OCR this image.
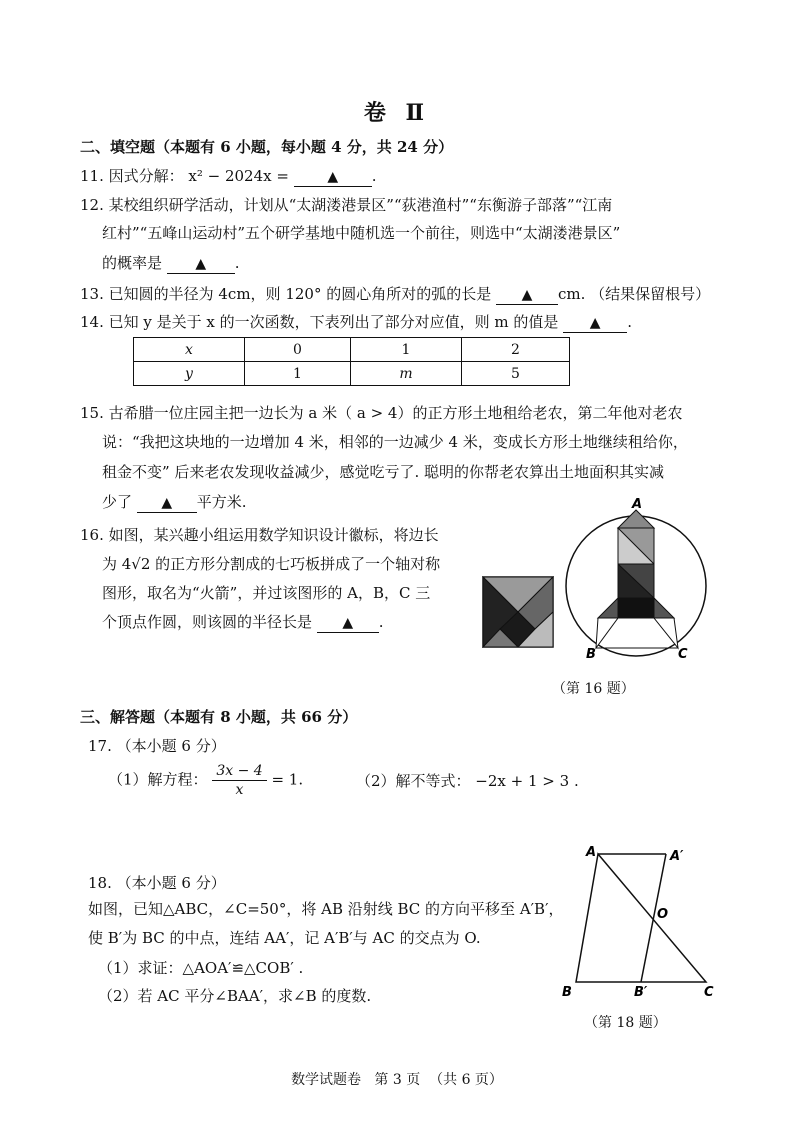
卷 Ⅱ
二、填空题（本题有 6 小题，每小题 4 分，共 24 分）
11. 因式分解： x² − 2024x =	▲ .
12. 某校组织研学活动，计划从“太湖溇港景区”“荻港渔村”“东衡游子部落”“江南
红村”“五峰山运动村”五个研学基地中随机选一个前往，则选中“太湖溇港景区”
的概率是 ▲ .
13. 已知圆的半径为 4cm，则 120° 的圆心角所对的弧的长是 ▲ cm. （结果保留根号）
14. 已知 y 是关于 x 的一次函数，下表列出了部分对应值，则 m 的值是 ▲ .
x	0	1	2
y	1	m	5
15. 古希腊一位庄园主把一边长为 a 米（ a > 4）的正方形土地租给老农，第二年他对老农
说：“我把这块地的一边增加 4 米，相邻的一边减少 4 米，变成长方形土地继续租给你，
租金不变” 后来老农发现收益减少，感觉吃亏了. 聪明的你帮老农算出土地面积其实减
少了 ▲ 平方米.
16. 如图，某兴趣小组运用数学知识设计徽标，将边长
为 4√2 的正方形分割成的七巧板拼成了一个轴对称
图形，取名为“火箭”，并过该图形的 A，B，C 三
个顶点作圆，则该圆的半径长是 ▲ .
A
B	C
（第 16 题）
三、解答题（本题有 8 小题，共 66 分）
17. （本小题 6 分）
（1）解方程： $\frac{3x - 4}{x} = 1$.	（2）解不等式： −2x + 1 > 3 .
18. （本小题 6 分）
如图，已知△ABC，∠C=50°，将 AB 沿射线 BC 的方向平移至 A′B′，
使 B′为 BC 的中点，连结 AA′，记 A′B′与 AC 的交点为 O.
（1）求证：△AOA′≌△COB′ .
（2）若 AC 平分∠BAA′，求∠B 的度数.
A	A′
O
B	B′	C
（第 18 题）
数学试题卷   第 3 页  （共 6 页）
